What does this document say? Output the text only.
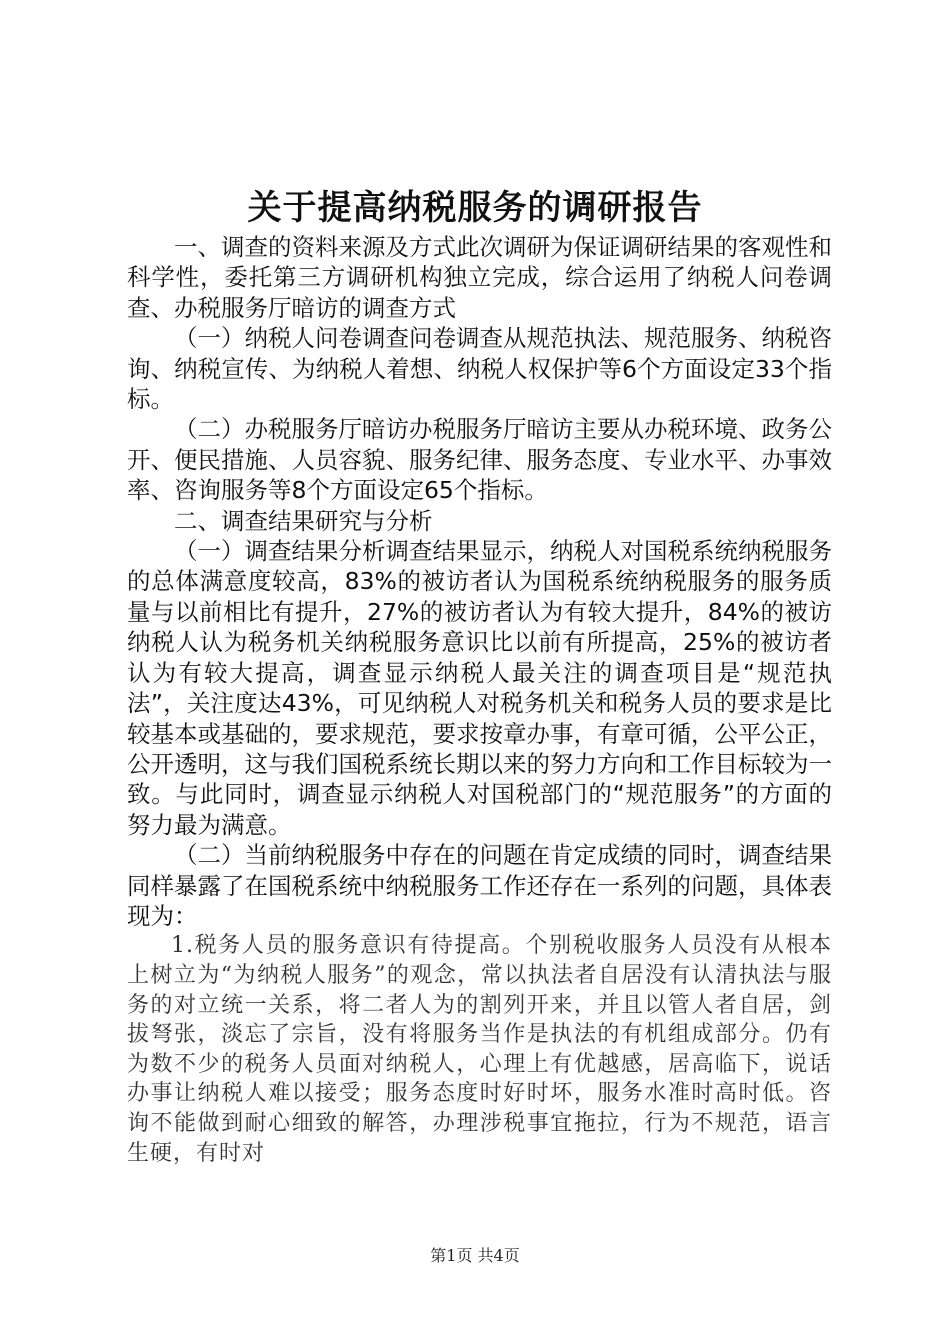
关于提高纳税服务的调研报告

一、调查的资料来源及方式此次调研为保证调研结果的客观性和科学性，委托第三方调研机构独立完成，综合运用了纳税人问卷调查、办税服务厅暗访的调查方式

（一）纳税人问卷调查问卷调查从规范执法、规范服务、纳税咨询、纳税宣传、为纳税人着想、纳税人权保护等6个方面设定33个指标。

（二）办税服务厅暗访办税服务厅暗访主要从办税环境、政务公开、便民措施、人员容貌、服务纪律、服务态度、专业水平、办事效率、咨询服务等8个方面设定65个指标。

二、调查结果研究与分析

（一）调查结果分析调查结果显示，纳税人对国税系统纳税服务的总体满意度较高，83%的被访者认为国税系统纳税服务的服务质量与以前相比有提升，27%的被访者认为有较大提升，84%的被访纳税人认为税务机关纳税服务意识比以前有所提高，25%的被访者认为有较大提高，调查显示纳税人最关注的调查项目是“规范执法”，关注度达43%，可见纳税人对税务机关和税务人员的要求是比较基本或基础的，要求规范，要求按章办事，有章可循，公平公正，公开透明，这与我们国税系统长期以来的努力方向和工作目标较为一致。与此同时，调查显示纳税人对国税部门的“规范服务”的方面的努力最为满意。

（二）当前纳税服务中存在的问题在肯定成绩的同时，调查结果同样暴露了在国税系统中纳税服务工作还存在一系列的问题，具体表现为：

1.税务人员的服务意识有待提高。个别税收服务人员没有从根本上树立为“为纳税人服务”的观念，常以执法者自居没有认清执法与服务的对立统一关系，将二者人为的割列开来，并且以管人者自居，剑拔弩张，淡忘了宗旨，没有将服务当作是执法的有机组成部分。仍有为数不少的税务人员面对纳税人，心理上有优越感，居高临下，说话办事让纳税人难以接受；服务态度时好时坏，服务水准时高时低。咨询不能做到耐心细致的解答，办理涉税事宜拖拉，行为不规范，语言生硬，有时对

第1页 共4页
